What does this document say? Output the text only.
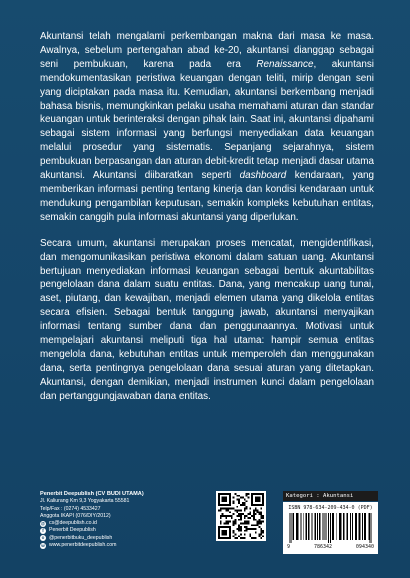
Akuntansi telah mengalami perkembangan makna dari masa ke masa. Awalnya, sebelum pertengahan abad ke-20, akuntansi dianggap sebagai seni pembukuan, karena pada era Renaissance, akuntansi mendokumentasikan peristiwa keuangan dengan teliti, mirip dengan seni yang diciptakan pada masa itu. Kemudian, akuntansi berkembang menjadi bahasa bisnis, memungkinkan pelaku usaha memahami aturan dan standar keuangan untuk berinteraksi dengan pihak lain. Saat ini, akuntansi dipahami sebagai sistem informasi yang berfungsi menyediakan data keuangan melalui prosedur yang sistematis. Sepanjang sejarahnya, sistem pembukuan berpasangan dan aturan debit-kredit tetap menjadi dasar utama akuntansi. Akuntansi diibaratkan seperti dashboard kendaraan, yang memberikan informasi penting tentang kinerja dan kondisi kendaraan untuk mendukung pengambilan keputusan, semakin kompleks kebutuhan entitas, semakin canggih pula informasi akuntansi yang diperlukan.

Secara umum, akuntansi merupakan proses mencatat, mengidentifikasi, dan mengomunikasikan peristiwa ekonomi dalam satuan uang. Akuntansi bertujuan menyediakan informasi keuangan sebagai bentuk akuntabilitas pengelolaan dana dalam suatu entitas. Dana, yang mencakup uang tunai, aset, piutang, dan kewajiban, menjadi elemen utama yang dikelola entitas secara efisien. Sebagai bentuk tanggung jawab, akuntansi menyajikan informasi tentang sumber dana dan penggunaannya. Motivasi untuk mempelajari akuntansi meliputi tiga hal utama: hampir semua entitas mengelola dana, kebutuhan entitas untuk memperoleh dan menggunakan dana, serta pentingnya pengelolaan dana sesuai aturan yang ditetapkan. Akuntansi, dengan demikian, menjadi instrumen kunci dalam pengelolaan dan pertanggungjawaban dana entitas.

Penerbit Deepublish (CV BUDI UTAMA)
Jl. Kaliurang Km 9,3 Yogyakarta 55581
Telp/Fax : (0274) 4533427
Anggota IKAPI (076/DIY/2012)
@ cs@deepublish.co.id
f	Penerbit Deepublish
o @penerbitbuku_deepublish
w www.penerbitdeepublish.com
Kategori : Akuntansi
ISBN 978-634-209-434-0 (PDF)
9	786342	094340
